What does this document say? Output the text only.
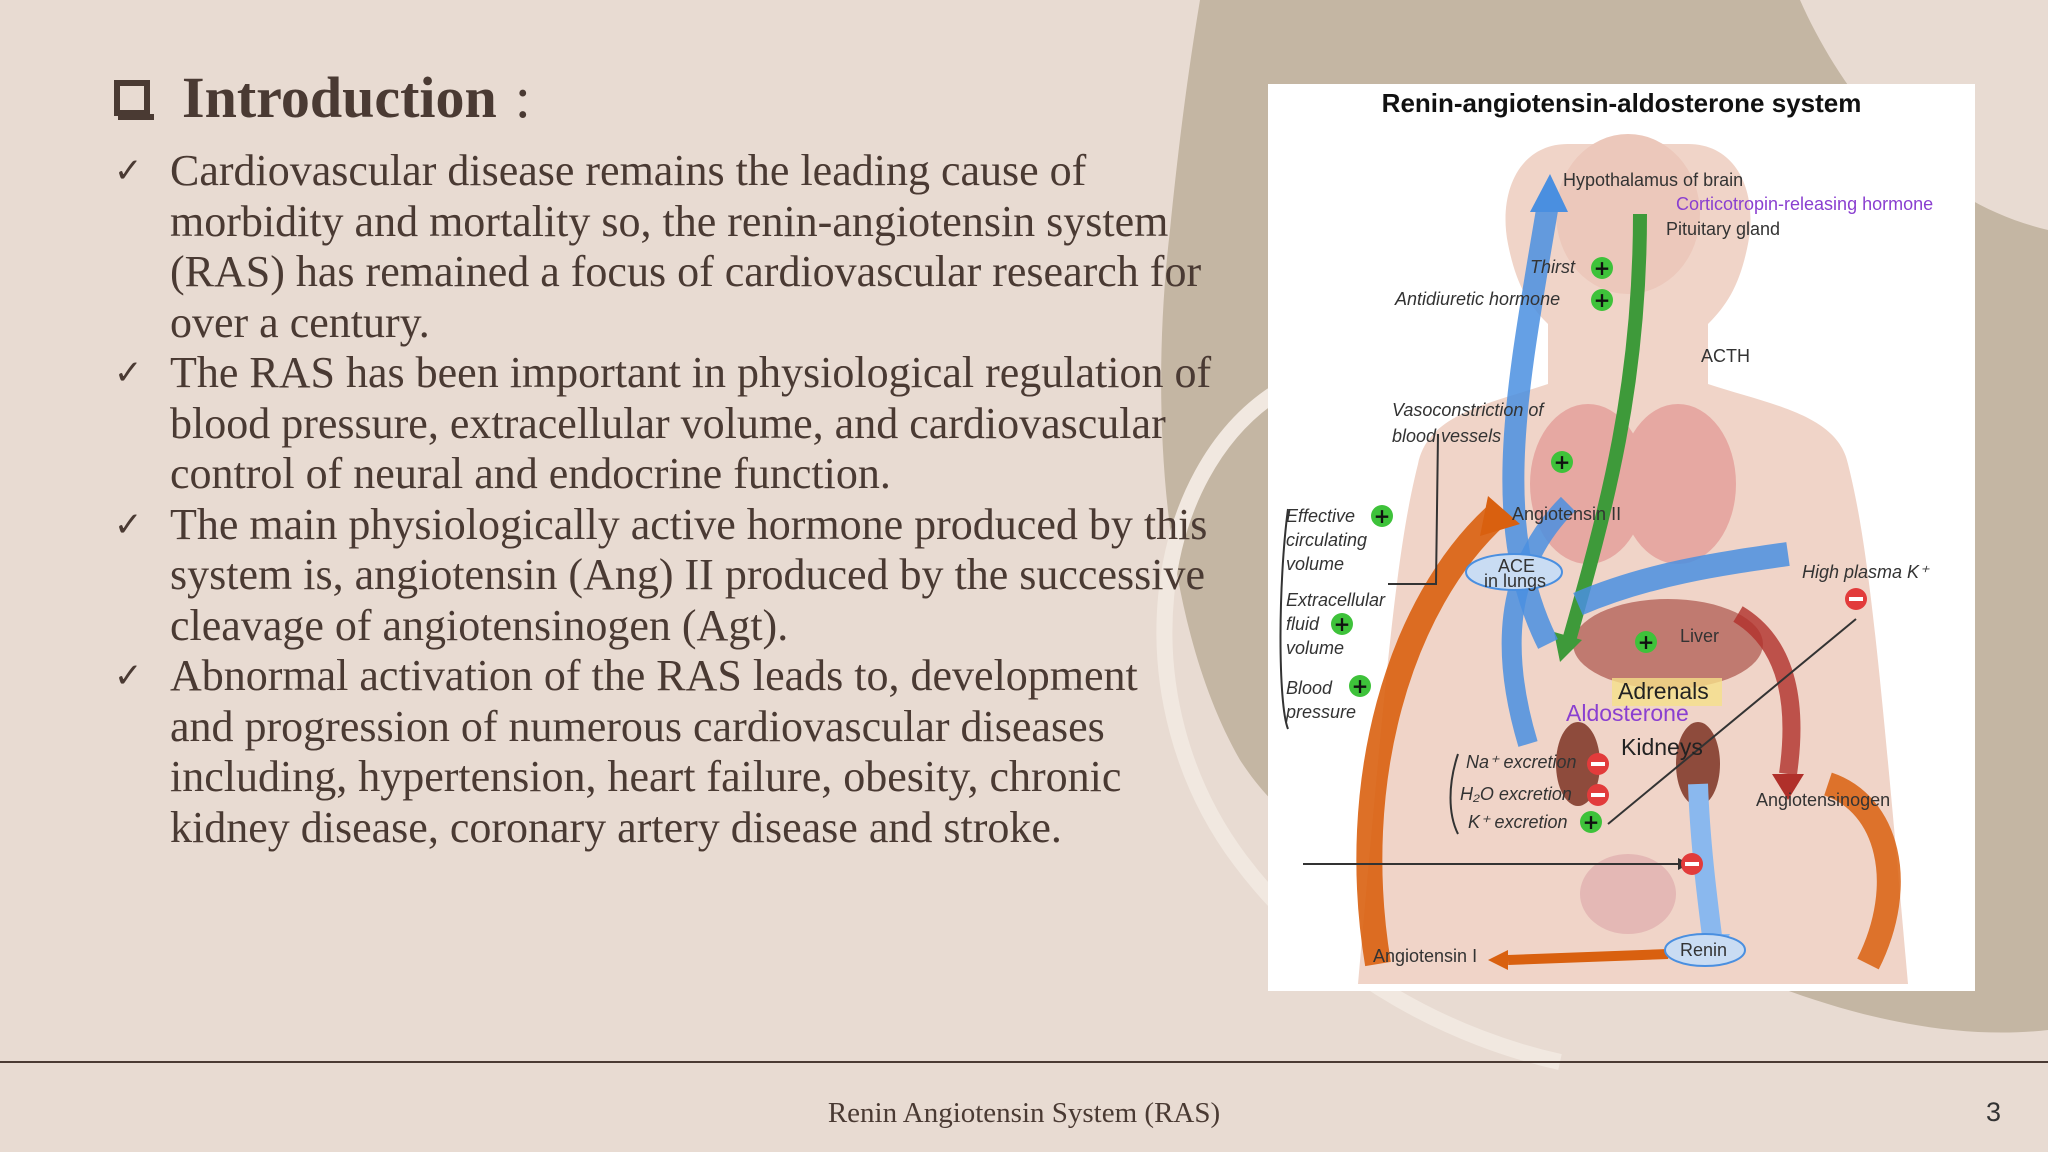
Introduction :
✓ Cardiovascular disease remains the leading cause of morbidity and mortality so, the renin-angiotensin system (RAS) has remained a focus of cardiovascular research for over a century.
✓ The RAS has been important in physiological regulation of blood pressure, extracellular volume, and cardiovascular control of neural and endocrine function.
✓ The main physiologically active hormone produced by this system is, angiotensin (Ang) II produced by the successive cleavage of angiotensinogen (Agt).
✓ Abnormal activation of the RAS leads to, development and progression of numerous cardiovascular diseases including, hypertension, heart failure, obesity, chronic kidney disease, coronary artery disease and stroke.
+
+
+
+
+
+
+
+
Renin-angiotensin-aldosterone system
Hypothalamus of brain
Corticotropin-releasing hormone
Pituitary gland
Thirst
Antidiuretic hormone
ACTH
Vasoconstriction of
blood vessels
Angiotensin II
Effective
circulating
volume	ACE
in lungs
Extracellular
fluid
volume
High plasma K⁺
Liver
Blood
pressure
Adrenals
Aldosterone
Kidneys
Na⁺ excretion
H₂O excretion
K⁺ excretion
Angiotensinogen
Angiotensin I	Renin
Renin Angiotensin System (RAS)	3
